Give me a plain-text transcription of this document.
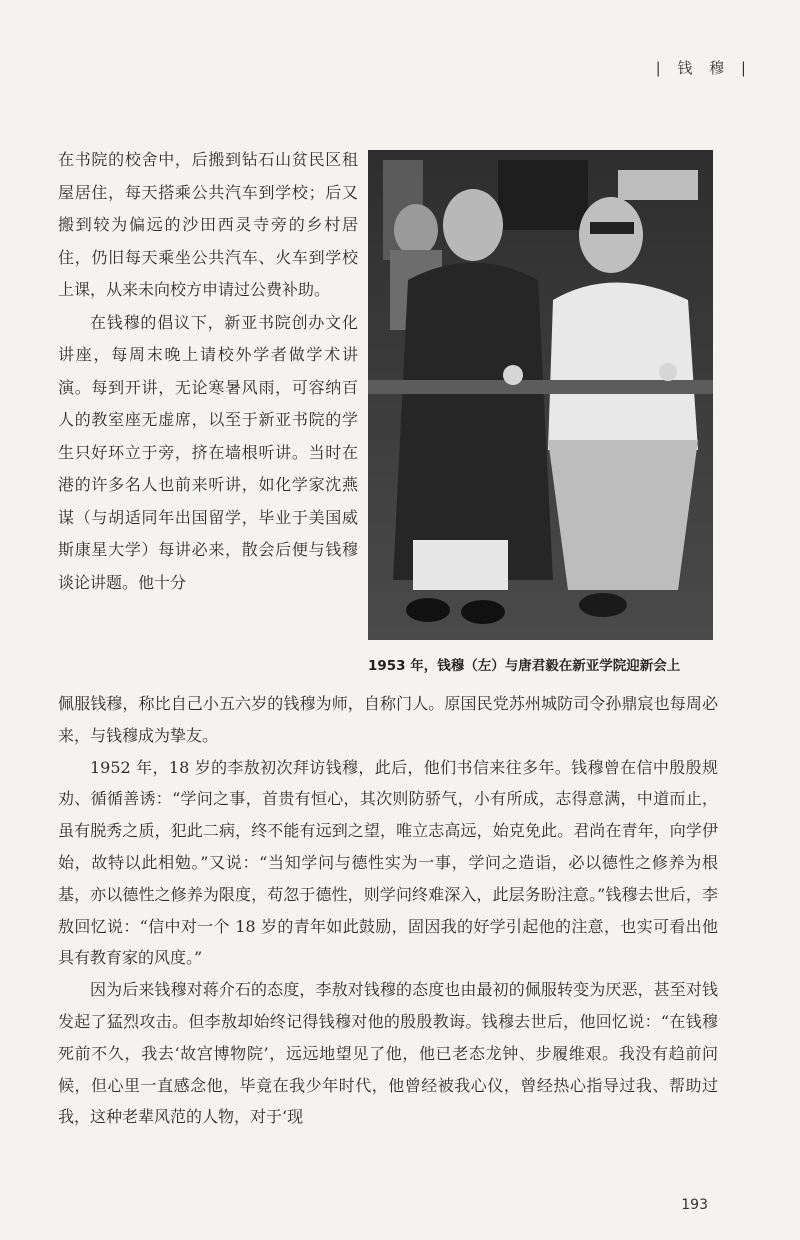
| 钱 穆 |
1953 年，钱穆（左）与唐君毅在新亚学院迎新会上

在书院的校舍中，后搬到钻石山贫民区租屋居住，每天搭乘公共汽车到学校；后又搬到较为偏远的沙田西灵寺旁的乡村居住，仍旧每天乘坐公共汽车、火车到学校上课，从来未向校方申请过公费补助。

在钱穆的倡议下，新亚书院创办文化讲座，每周末晚上请校外学者做学术讲演。每到开讲，无论寒暑风雨，可容纳百人的教室座无虚席，以至于新亚书院的学生只好环立于旁，挤在墙根听讲。当时在港的许多名人也前来听讲，如化学家沈燕谋（与胡适同年出国留学，毕业于美国威斯康星大学）每讲必来，散会后便与钱穆谈论讲题。他十分

佩服钱穆，称比自己小五六岁的钱穆为师，自称门人。原国民党苏州城防司令孙鼎宸也每周必来，与钱穆成为挚友。

1952 年，18 岁的李敖初次拜访钱穆，此后，他们书信来往多年。钱穆曾在信中殷殷规劝、循循善诱：“学问之事，首贵有恒心，其次则防骄气，小有所成，志得意满，中道而止，虽有脱秀之质，犯此二病，终不能有远到之望，唯立志高远，始克免此。君尚在青年，向学伊始，故特以此相勉。”又说：“当知学问与德性实为一事，学问之造诣，必以德性之修养为根基，亦以德性之修养为限度，苟忽于德性，则学问终难深入，此层务盼注意。”钱穆去世后，李敖回忆说：“信中对一个 18 岁的青年如此鼓励，固因我的好学引起他的注意，也实可看出他具有教育家的风度。”

因为后来钱穆对蒋介石的态度，李敖对钱穆的态度也由最初的佩服转变为厌恶，甚至对钱发起了猛烈攻击。但李敖却始终记得钱穆对他的殷殷教诲。钱穆去世后，他回忆说：“在钱穆死前不久，我去‘故宫博物院’，远远地望见了他，他已老态龙钟、步履维艰。我没有趋前问候，但心里一直感念他，毕竟在我少年时代，他曾经被我心仪，曾经热心指导过我、帮助过我，这种老辈风范的人物，对于‘现

193
